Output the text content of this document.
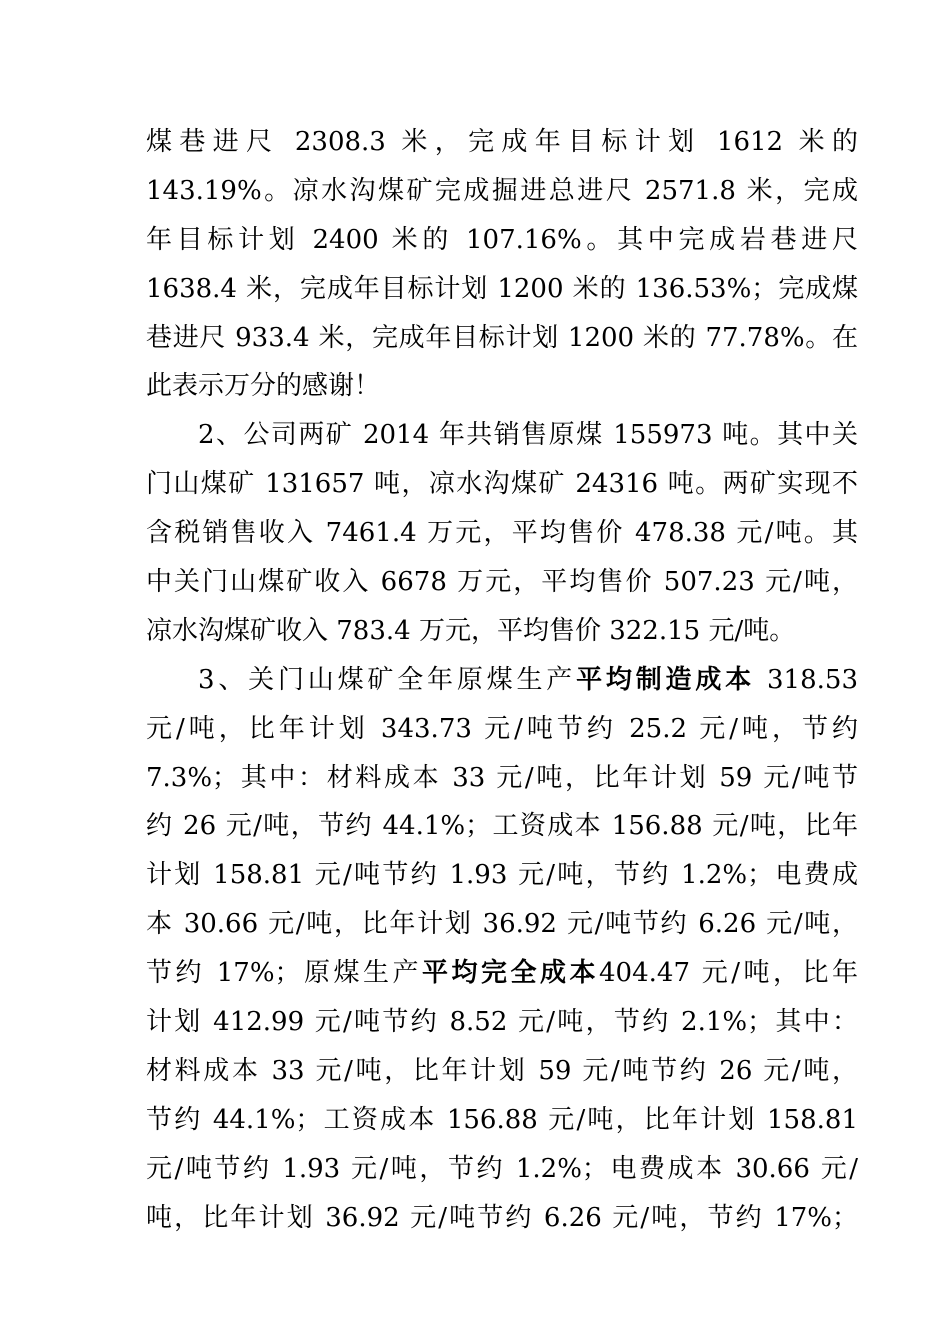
煤巷进尺 2308.3 米，完成年目标计划 1612 米的
143.19%。凉水沟煤矿完成掘进总进尺 2571.8 米，完成
年目标计划 2400 米的 107.16%。其中完成岩巷进尺
1638.4 米，完成年目标计划 1200 米的 136.53%；完成煤
巷进尺 933.4 米，完成年目标计划 1200 米的 77.78%。在
此表示万分的感谢！
2、公司两矿 2014 年共销售原煤 155973 吨。其中关
门山煤矿 131657 吨，凉水沟煤矿 24316 吨。两矿实现不
含税销售收入 7461.4 万元，平均售价 478.38 元/吨。其
中关门山煤矿收入 6678 万元，平均售价 507.23 元/吨，
凉水沟煤矿收入 783.4 万元，平均售价 322.15 元/吨。
3、关门山煤矿全年原煤生产平均制造成本 318.53
元/吨，比年计划 343.73 元/吨节约 25.2 元/吨，节约
7.3%；其中：材料成本 33 元/吨，比年计划 59 元/吨节
约 26 元/吨，节约 44.1%；工资成本 156.88 元/吨，比年
计划 158.81 元/吨节约 1.93 元/吨，节约 1.2%；电费成
本 30.66 元/吨，比年计划 36.92 元/吨节约 6.26 元/吨，
节约 17%；原煤生产平均完全成本404.47 元/吨，比年
计划 412.99 元/吨节约 8.52 元/吨，节约 2.1%；其中：
材料成本 33 元/吨，比年计划 59 元/吨节约 26 元/吨，
节约 44.1%；工资成本 156.88 元/吨，比年计划 158.81
元/吨节约 1.93 元/吨，节约 1.2%；电费成本 30.66 元/
吨，比年计划 36.92 元/吨节约 6.26 元/吨，节约 17%；
